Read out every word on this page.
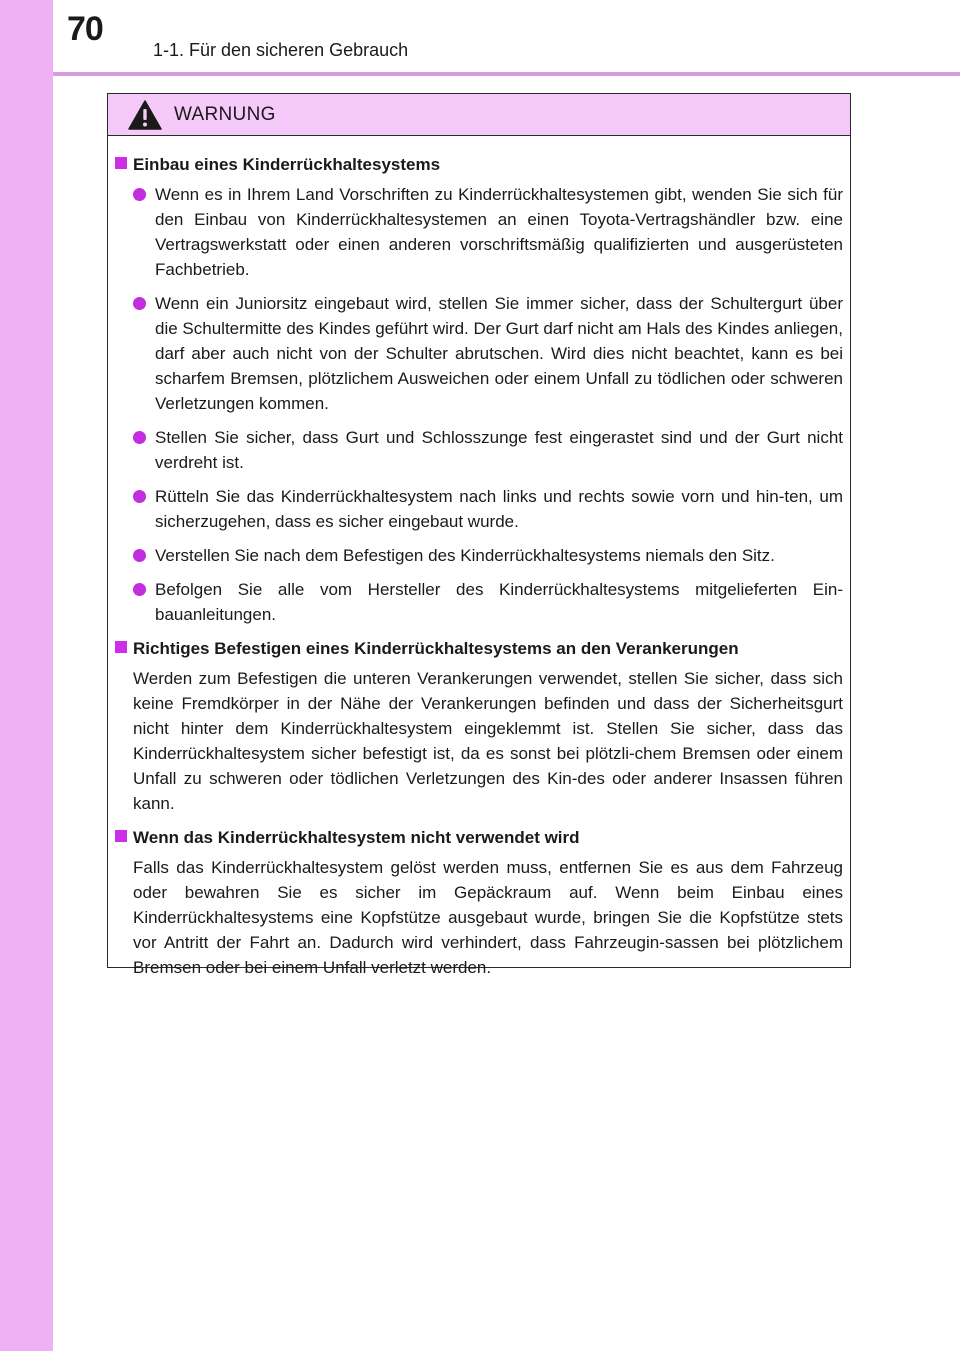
70
1-1. Für den sicheren Gebrauch
WARNUNG
Einbau eines Kinderrückhaltesystems
Wenn es in Ihrem Land Vorschriften zu Kinderrückhaltesystemen gibt, wenden Sie sich für den Einbau von Kinderrückhaltesystemen an einen Toyota-Vertragshändler bzw. eine Vertragswerkstatt oder einen anderen vorschriftsmäßig qualifizierten und ausgerüsteten Fachbetrieb.
Wenn ein Juniorsitz eingebaut wird, stellen Sie immer sicher, dass der Schultergurt über die Schultermitte des Kindes geführt wird. Der Gurt darf nicht am Hals des Kindes anliegen, darf aber auch nicht von der Schulter abrutschen. Wird dies nicht beachtet, kann es bei scharfem Bremsen, plötzlichem Ausweichen oder einem Unfall zu tödlichen oder schweren Verletzungen kommen.
Stellen Sie sicher, dass Gurt und Schlosszunge fest eingerastet sind und der Gurt nicht verdreht ist.
Rütteln Sie das Kinderrückhaltesystem nach links und rechts sowie vorn und hin-ten, um sicherzugehen, dass es sicher eingebaut wurde.
Verstellen Sie nach dem Befestigen des Kinderrückhaltesystems niemals den Sitz.
Befolgen Sie alle vom Hersteller des Kinderrückhaltesystems mitgelieferten Ein-bauanleitungen.
Richtiges Befestigen eines Kinderrückhaltesystems an den Verankerungen
Werden zum Befestigen die unteren Verankerungen verwendet, stellen Sie sicher, dass sich keine Fremdkörper in der Nähe der Verankerungen befinden und dass der Sicherheitsgurt nicht hinter dem Kinderrückhaltesystem eingeklemmt ist. Stellen Sie sicher, dass das Kinderrückhaltesystem sicher befestigt ist, da es sonst bei plötzli-chem Bremsen oder einem Unfall zu schweren oder tödlichen Verletzungen des Kin-des oder anderer Insassen führen kann.
Wenn das Kinderrückhaltesystem nicht verwendet wird
Falls das Kinderrückhaltesystem gelöst werden muss, entfernen Sie es aus dem Fahrzeug oder bewahren Sie es sicher im Gepäckraum auf. Wenn beim Einbau eines Kinderrückhaltesystems eine Kopfstütze ausgebaut wurde, bringen Sie die Kopfstütze stets vor Antritt der Fahrt an. Dadurch wird verhindert, dass Fahrzeugin-sassen bei plötzlichem Bremsen oder bei einem Unfall verletzt werden.
